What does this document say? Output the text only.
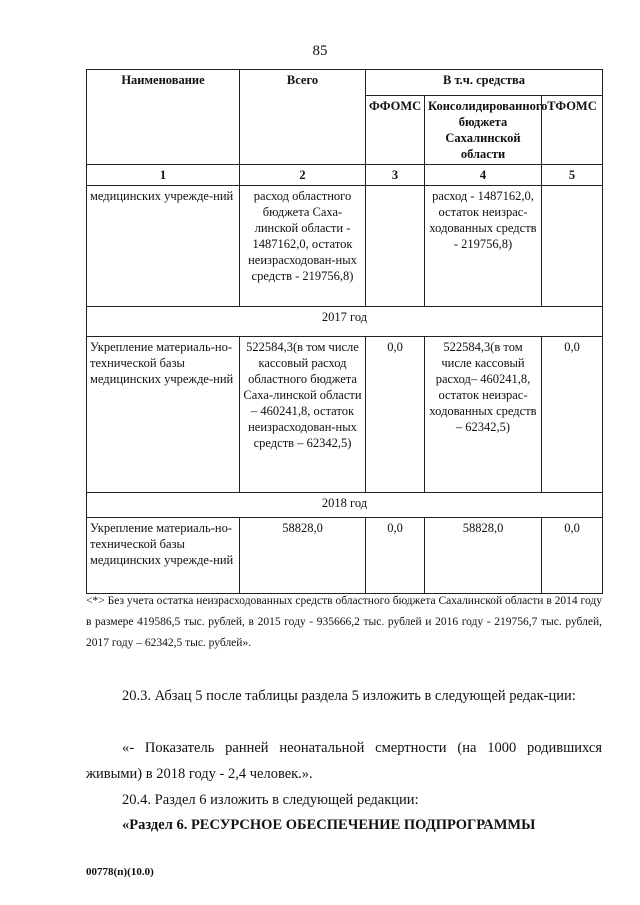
85
Наименование	Всего	В т.ч. средства		
		ФФОМС	Консолидированного бюджета Сахалинской области	ТФОМС
1	2	3	4	5
медицинских учрежде-ний	расход областного бюджета Саха-линской области - 1487162,0, остаток неизрасходован-ных средств - 219756,8)		расход - 1487162,0, остаток неизрас-ходованных средств - 219756,8)	
2017 год				
Укрепление материаль-но-технической базы медицинских учрежде-ний	522584,3(в том числе кассовый расход областного бюджета Саха-линской области – 460241,8, остаток неизрасходован-ных средств – 62342,5)	0,0	522584,3(в том числе кассовый расход– 460241,8, остаток неизрас-ходованных средств – 62342,5)	0,0
2018 год				
Укрепление материаль-но-технической базы медицинских учрежде-ний	58828,0	0,0	58828,0	0,0
<*> Без учета остатка неизрасходованных средств областного бюджета Сахалинской области в 2014 году в размере 419586,5 тыс. рублей, в 2015 году - 935666,2 тыс. рублей и 2016 году - 219756,7 тыс. рублей, 2017 году – 62342,5 тыс. рублей».
20.3. Абзац 5 после таблицы раздела 5 изложить в следующей редак-ции:
«- Показатель ранней неонатальной смертности (на 1000 родившихся живыми) в 2018 году - 2,4 человек.».
20.4. Раздел 6 изложить в следующей редакции:
«Раздел 6. РЕСУРСНОЕ ОБЕСПЕЧЕНИЕ ПОДПРОГРАММЫ
00778(п)(10.0)
